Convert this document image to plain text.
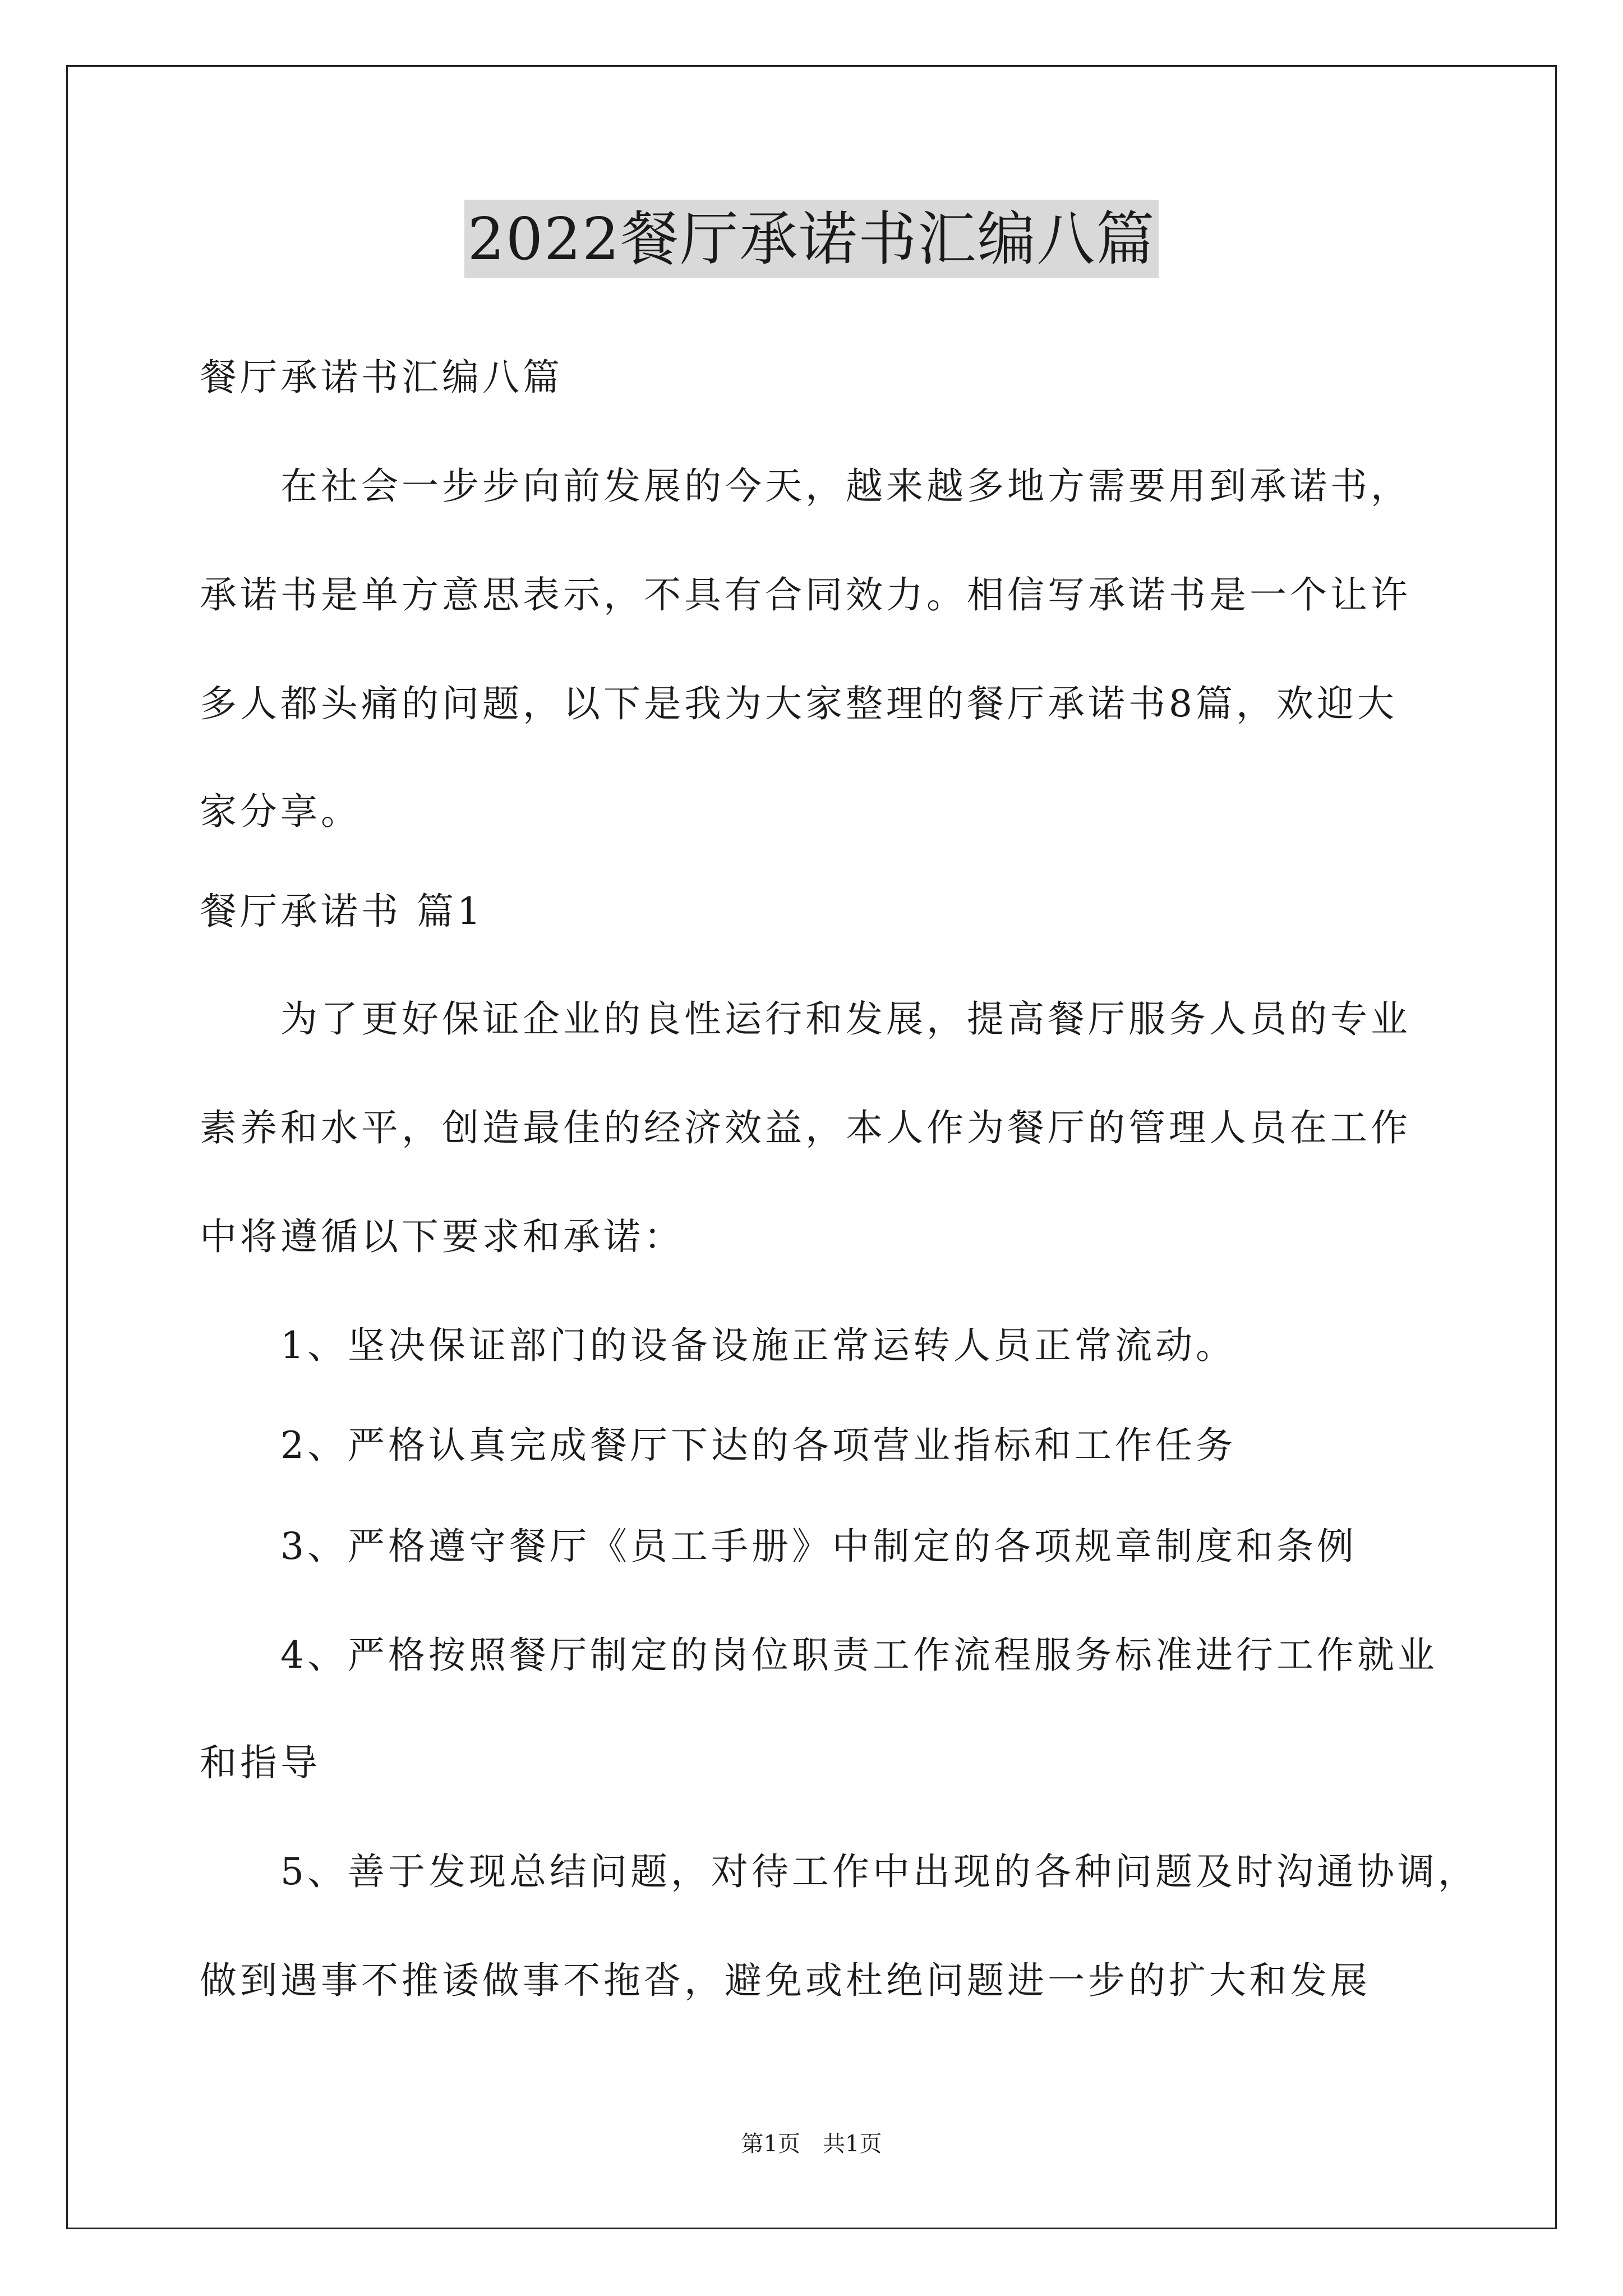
2022餐厅承诺书汇编八篇
餐厅承诺书汇编八篇
在社会一步步向前发展的今天，越来越多地方需要用到承诺书，
承诺书是单方意思表示，不具有合同效力。相信写承诺书是一个让许
多人都头痛的问题，以下是我为大家整理的餐厅承诺书8篇，欢迎大
家分享。
餐厅承诺书 篇1
为了更好保证企业的良性运行和发展，提高餐厅服务人员的专业
素养和水平，创造最佳的经济效益，本人作为餐厅的管理人员在工作
中将遵循以下要求和承诺：
1、坚决保证部门的设备设施正常运转人员正常流动。
2、严格认真完成餐厅下达的各项营业指标和工作任务
3、严格遵守餐厅《员工手册》中制定的各项规章制度和条例
4、严格按照餐厅制定的岗位职责工作流程服务标准进行工作就业
和指导
5、善于发现总结问题，对待工作中出现的各种问题及时沟通协调，
做到遇事不推诿做事不拖沓，避免或杜绝问题进一步的扩大和发展
第1页　共1页
